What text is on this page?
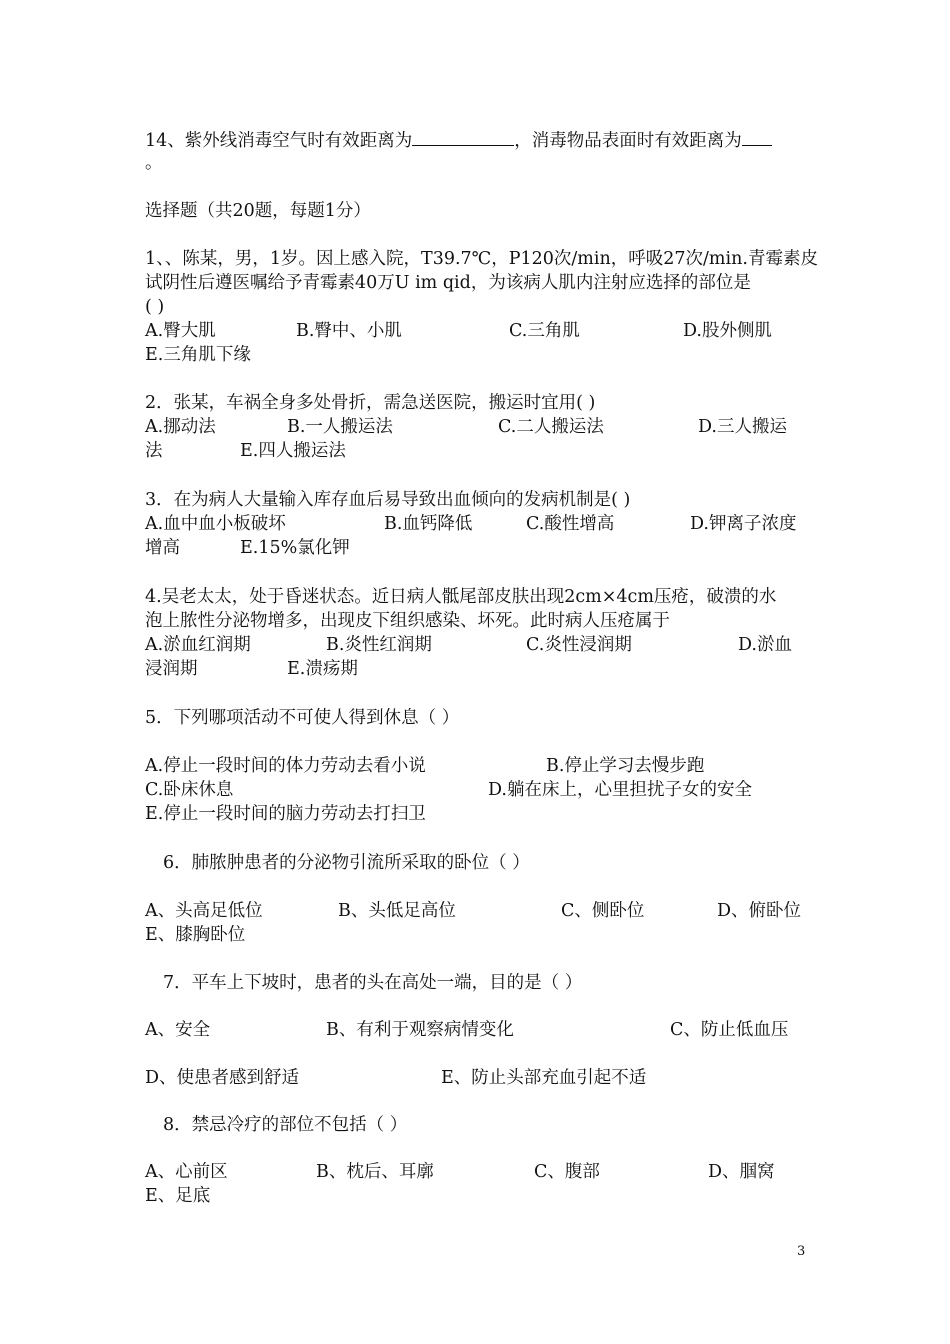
14、紫外线消毒空气时有效距离为	，消毒物品表面时有效距离为
。
选择题（共20题，每题1分）
1、、陈某，男，1岁。因上感入院，T39.7℃，P120次/min，呼吸27次/min.青霉素皮
试阴性后遵医嘱给予青霉素40万U im qid，为该病人肌内注射应选择的部位是
( )
A.臀大肌	B.臀中、小肌	C.三角肌	D.股外侧肌
E.三角肌下缘
2．张某，车祸全身多处骨折，需急送医院，搬运时宜用( )
A.挪动法	B.一人搬运法	C.二人搬运法	D.三人搬运
法	E.四人搬运法
3．在为病人大量输入库存血后易导致出血倾向的发病机制是( )
A.血中血小板破坏	B.血钙降低	C.酸性增高	D.钾离子浓度
增高	E.15%氯化钾
4.吴老太太，处于昏迷状态。近日病人骶尾部皮肤出现2cm×4cm压疮，破溃的水
泡上脓性分泌物增多，出现皮下组织感染、坏死。此时病人压疮属于
A.淤血红润期	B.炎性红润期	C.炎性浸润期	D.淤血
浸润期	E.溃疡期
5．下列哪项活动不可使人得到休息（ ）
A.停止一段时间的体力劳动去看小说	B.停止学习去慢步跑
C.卧床休息	D.躺在床上，心里担扰子女的安全
E.停止一段时间的脑力劳动去打扫卫
6．肺脓肿患者的分泌物引流所采取的卧位（ ）
A、头高足低位	B、头低足高位	C、侧卧位	D、俯卧位
E、膝胸卧位
7．平车上下坡时，患者的头在高处一端，目的是（ ）
A、安全	B、有利于观察病情变化	C、防止低血压
D、使患者感到舒适	E、防止头部充血引起不适
8．禁忌冷疗的部位不包括（ ）
A、心前区	B、枕后、耳廓	C、腹部	D、腘窝
E、足底
3
